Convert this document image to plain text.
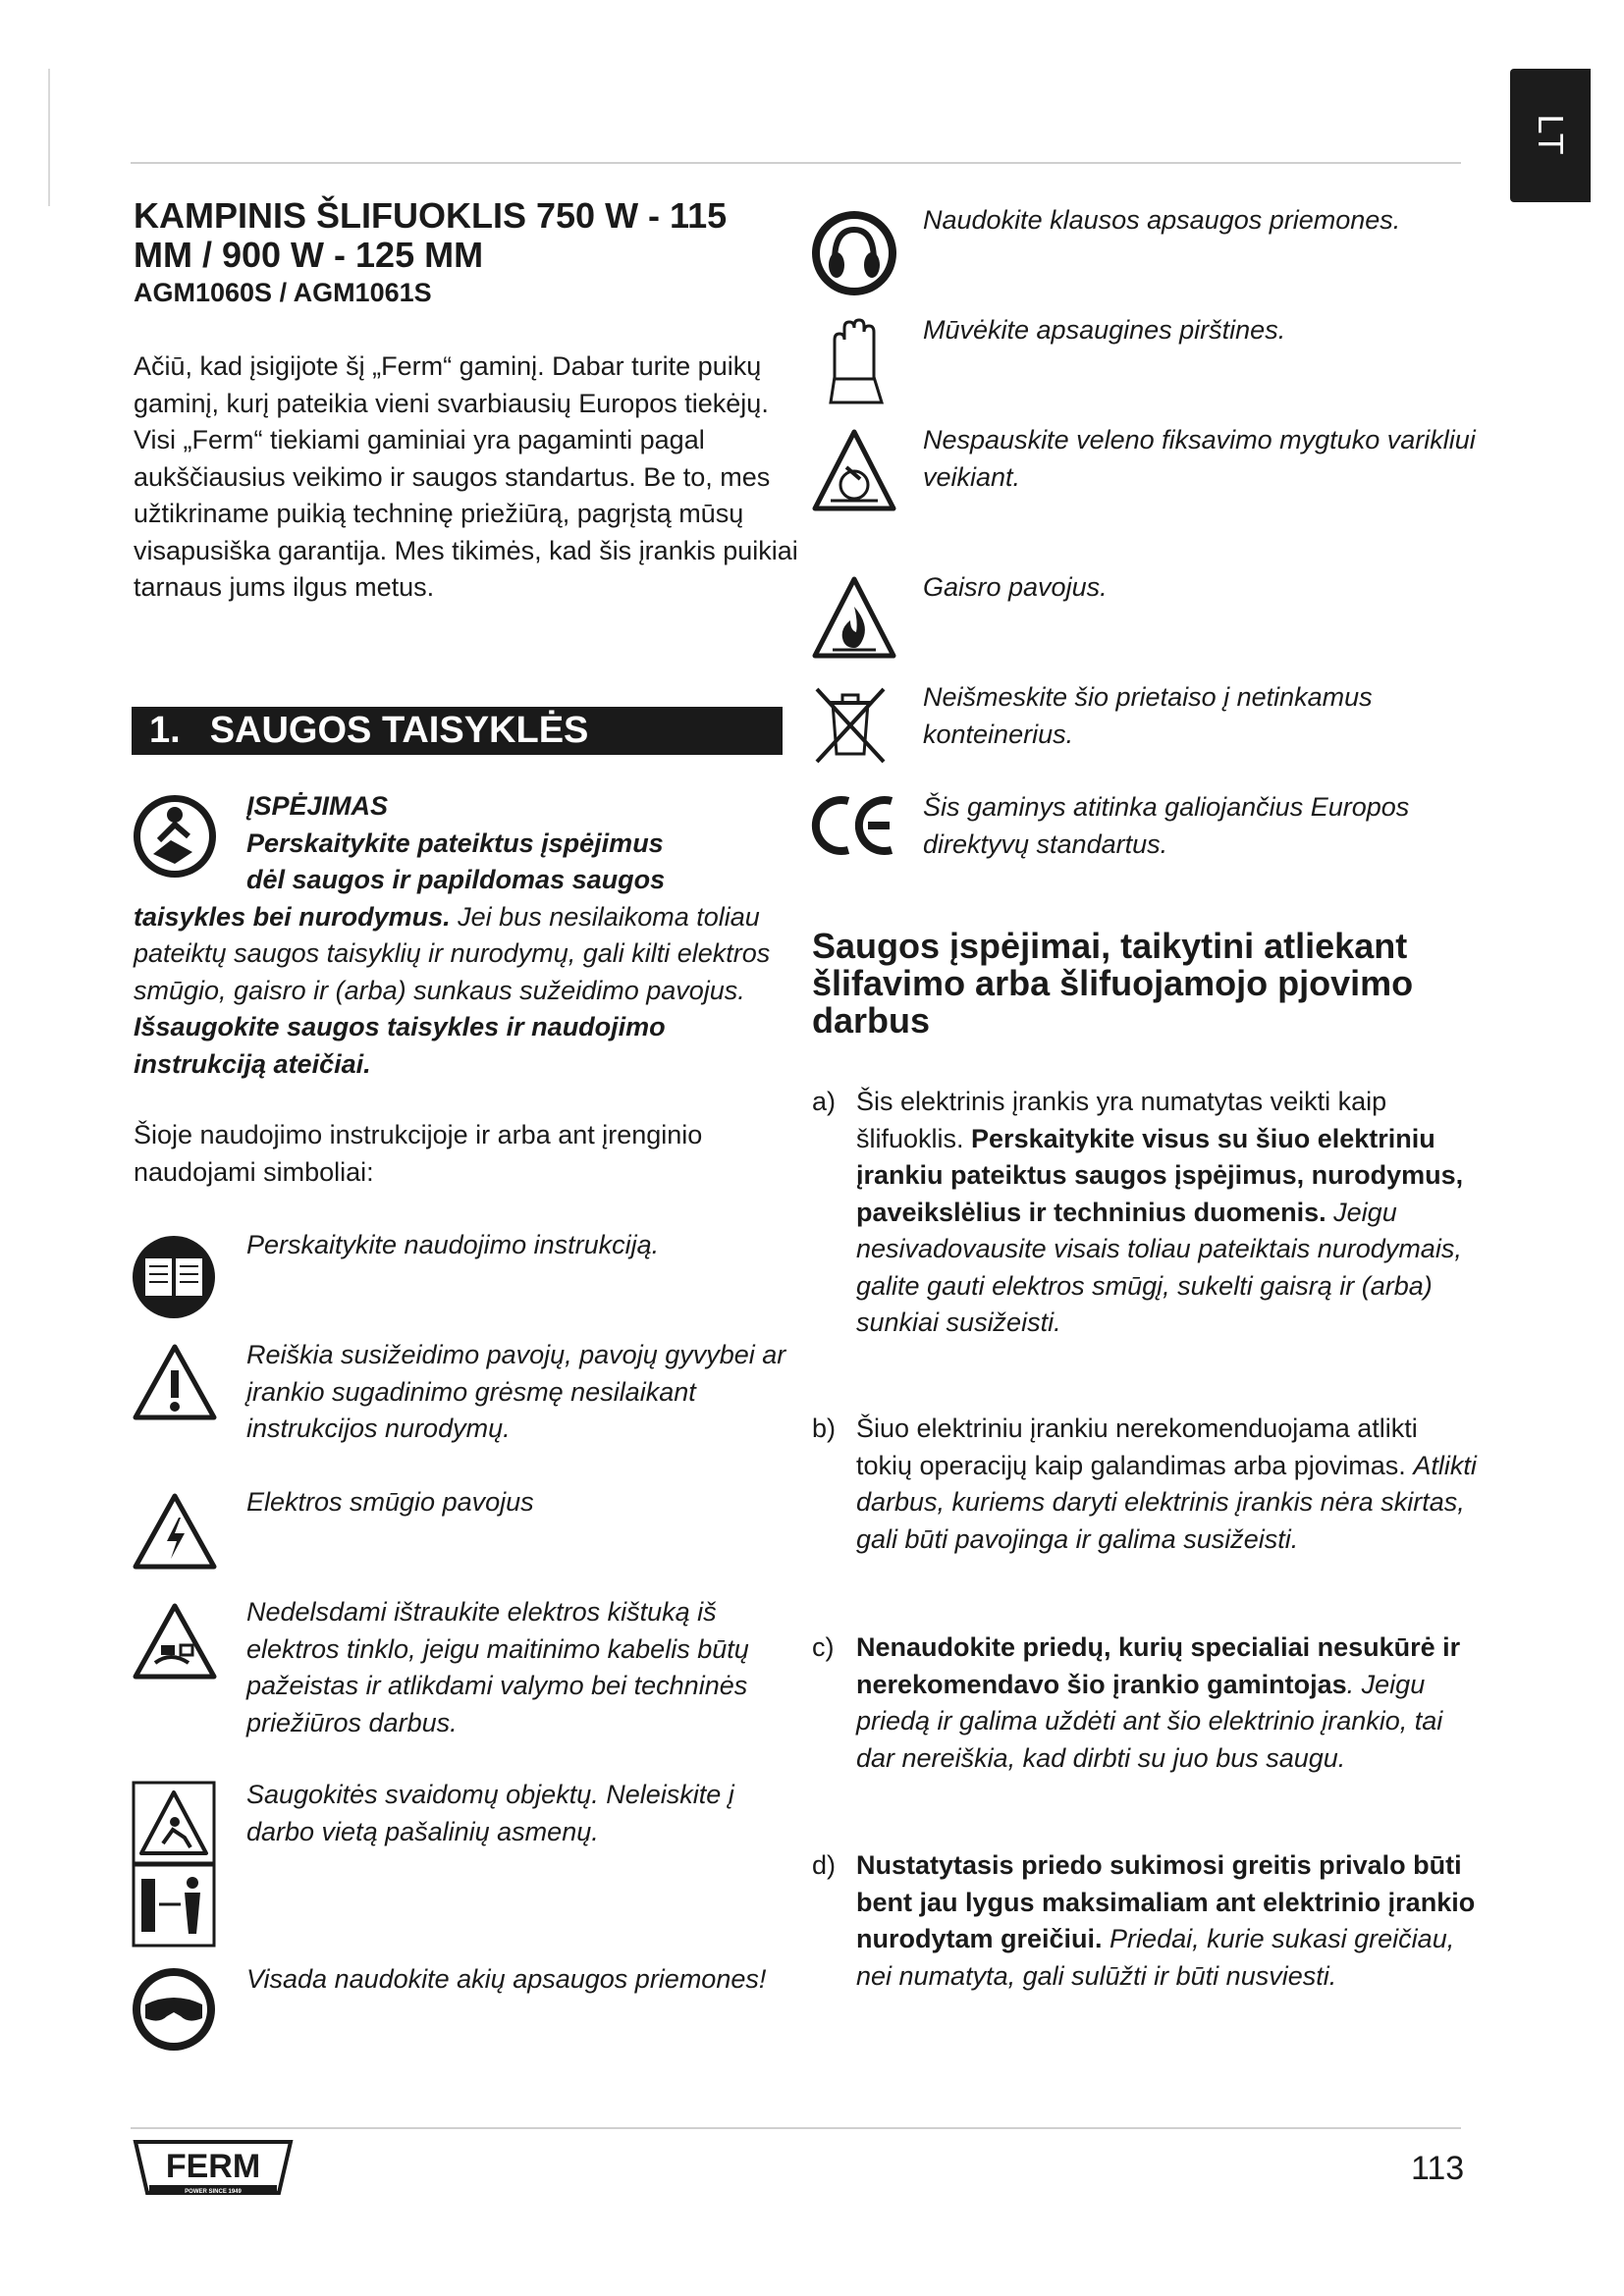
LT
KAMPINIS ŠLIFUOKLIS 750 W - 115 MM / 900 W - 125 MM
AGM1060S / AGM1061S
Ačiū, kad įsigijote šį „Ferm“ gaminį. Dabar turite puikų gaminį, kurį pateikia vieni svarbiausių Europos tiekėjų. Visi „Ferm“ tiekiami gaminiai yra pagaminti pagal aukščiausius veikimo ir saugos standartus. Be to, mes užtikriname puikią techninę priežiūrą, pagrįstą mūsų visapusiška garantija. Mes tikimės, kad šis įrankis puikiai tarnaus jums ilgus metus.
1. SAUGOS TAISYKLĖS
ĮSPĖJIMAS
Perskaitykite pateiktus įspėjimus
dėl saugos ir papildomas saugos
taisykles bei nurodymus. Jei bus nesilaikoma toliau pateiktų saugos taisyklių ir nurodymų, gali kilti elektros smūgio, gaisro ir (arba) sunkaus sužeidimo pavojus. Išsaugokite saugos taisykles ir naudojimo instrukciją ateičiai.
Šioje naudojimo instrukcijoje ir arba ant įrenginio naudojami simboliai:
Perskaitykite naudojimo instrukciją.
Reiškia susižeidimo pavojų, pavojų gyvybei ar įrankio sugadinimo grėsmę nesilaikant instrukcijos nurodymų.
Elektros smūgio pavojus
Nedelsdami ištraukite elektros kištuką iš elektros tinklo, jeigu maitinimo kabelis būtų pažeistas ir atlikdami valymo bei techninės priežiūros darbus.
Saugokitės svaidomų objektų. Neleiskite į darbo vietą pašalinių asmenų.
Visada naudokite akių apsaugos priemones!
Naudokite klausos apsaugos priemones.
Mūvėkite apsaugines pirštines.
Nespauskite veleno fiksavimo mygtuko varikliui veikiant.
Gaisro pavojus.
Neišmeskite šio prietaiso į netinkamus konteinerius.
Šis gaminys atitinka galiojančius Europos direktyvų standartus.
Saugos įspėjimai, taikytini atliekant šlifavimo arba šlifuojamojo pjovimo darbus
a) Šis elektrinis įrankis yra numatytas veikti kaip šlifuoklis. Perskaitykite visus su šiuo elektriniu įrankiu pateiktus saugos įspėjimus, nurodymus, paveikslėlius ir techninius duomenis. Jeigu nesivadovausite visais toliau pateiktais nurodymais, galite gauti elektros smūgį, sukelti gaisrą ir (arba) sunkiai susižeisti.
b) Šiuo elektriniu įrankiu nerekomenduojama atlikti tokių operacijų kaip galandimas arba pjovimas. Atlikti darbus, kuriems daryti elektrinis įrankis nėra skirtas, gali būti pavojinga ir galima susižeisti.
c) Nenaudokite priedų, kurių specialiai nesukūrė ir nerekomendavo šio įrankio gamintojas. Jeigu priedą ir galima uždėti ant šio elektrinio įrankio, tai dar nereiškia, kad dirbti su juo bus saugu.
d) Nustatytasis priedo sukimosi greitis privalo būti bent jau lygus maksimaliam ant elektrinio įrankio nurodytam greičiui. Priedai, kurie sukasi greičiau, nei numatyta, gali sulūžti ir būti nusviesti.
FERM
POWER SINCE 1949
113
